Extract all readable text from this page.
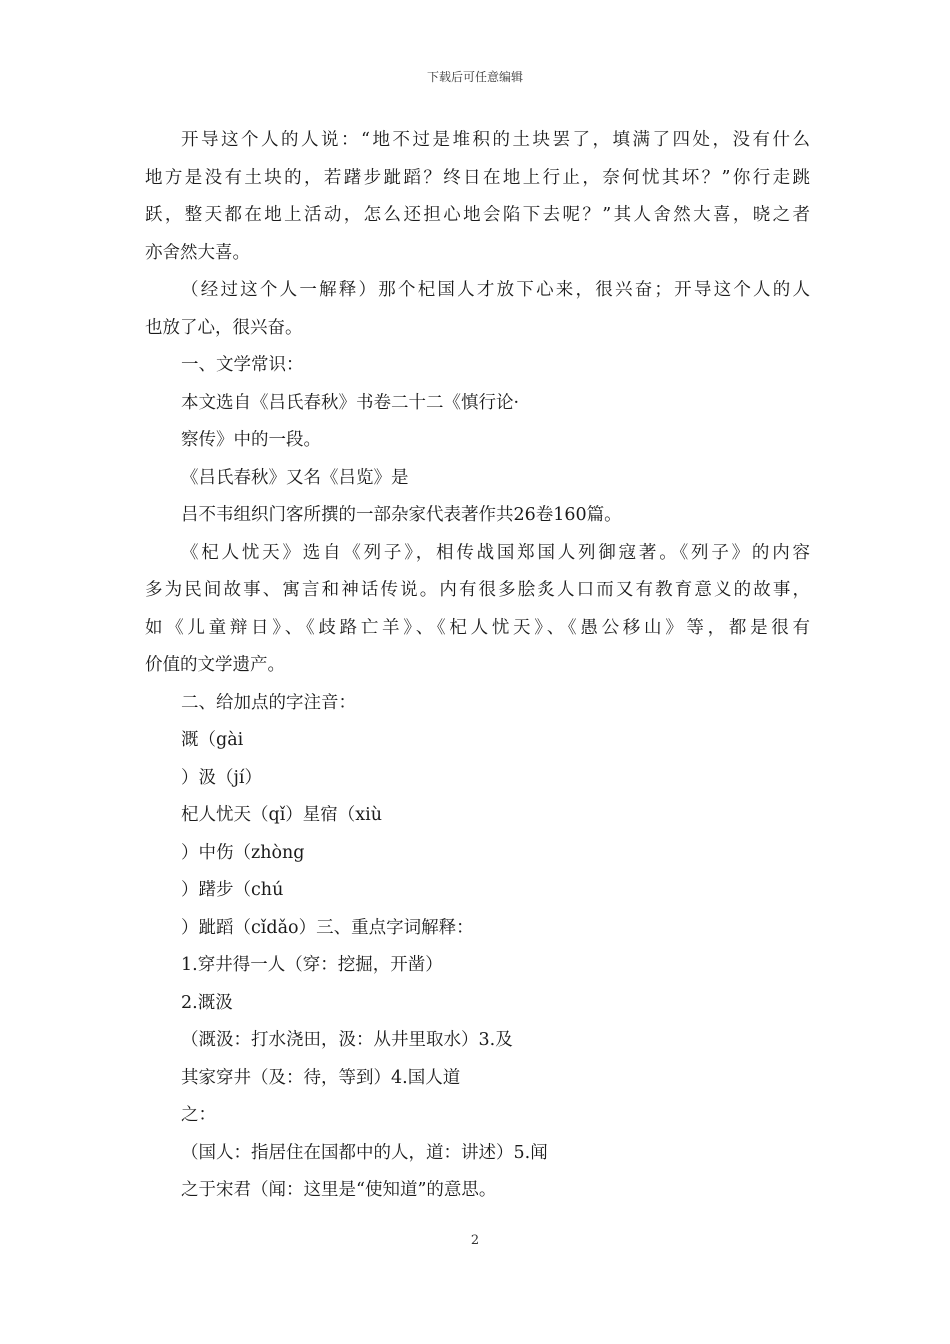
下载后可任意编辑
开导这个人的人说：“地不过是堆积的土块罢了，填满了四处，没有什么
地方是没有土块的，若躇步跐蹈？终日在地上行止，奈何忧其坏？”你行走跳
跃，整天都在地上活动，怎么还担心地会陷下去呢？”其人舍然大喜，晓之者
亦舍然大喜。
（经过这个人一解释）那个杞国人才放下心来，很兴奋；开导这个人的人
也放了心，很兴奋。
一、文学常识：
本文选自《吕氏春秋》书卷二十二《慎行论·
察传》中的一段。
《吕氏春秋》又名《吕览》是
吕不韦组织门客所撰的一部杂家代表著作共26卷160篇。
《杞人忧天》选自《列子》，相传战国郑国人列御寇著。《列子》的内容
多为民间故事、寓言和神话传说。内有很多脍炙人口而又有教育意义的故事，
如《儿童辩日》、《歧路亡羊》、《杞人忧天》、《愚公移山》等，都是很有
价值的文学遗产。
二、给加点的字注音：
溉（gài
）汲（jí）
杞人忧天（qǐ）星宿（xiù
）中伤（zhòng
）躇步（chú
）跐蹈（cǐdǎo）三、重点字词解释：
1.穿井得一人（穿：挖掘，开凿）
2.溉汲
（溉汲：打水浇田，汲：从井里取水）3.及
其家穿井（及：待，等到）4.国人道
之：
（国人：指居住在国都中的人，道：讲述）5.闻
之于宋君（闻：这里是“使知道”的意思。
2
